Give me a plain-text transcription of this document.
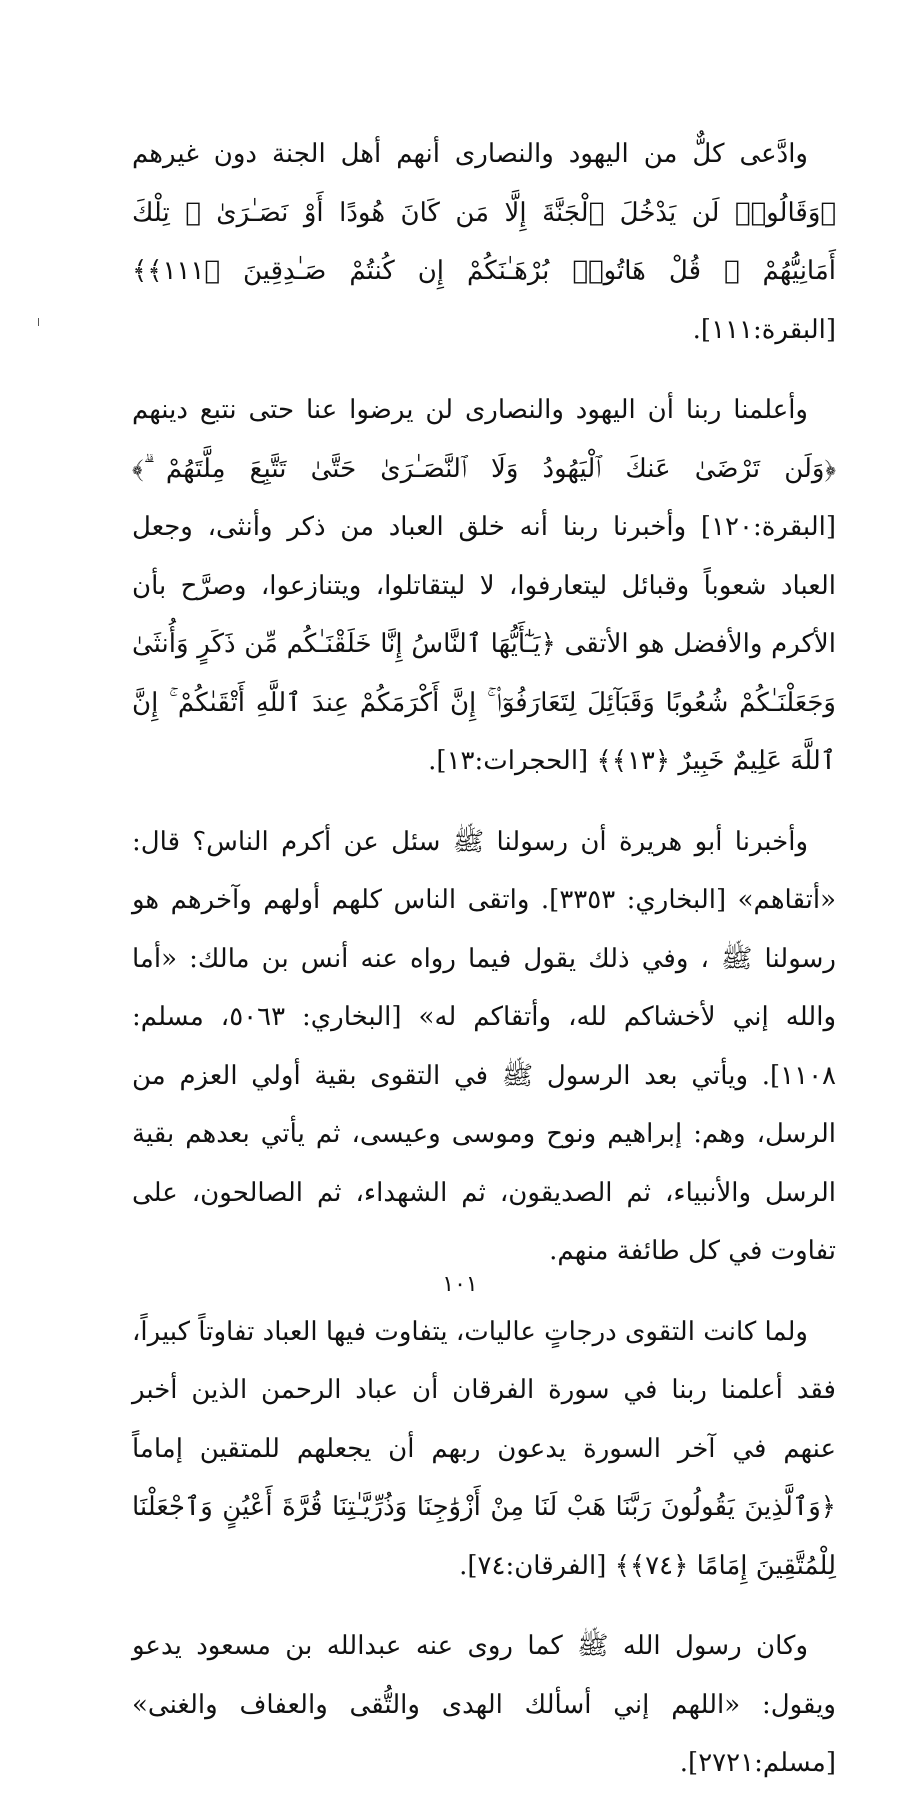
وادَّعى كلٌّ من اليهود والنصارى أنهم أهل الجنة دون غيرهم ﴿وَقَالُوا۟ لَن يَدْخُلَ ٱلْجَنَّةَ إِلَّا مَن كَانَ هُودًا أَوْ نَصَـٰرَىٰ ۗ تِلْكَ أَمَانِيُّهُمْ ۗ قُلْ هَاتُوا۟ بُرْهَـٰنَكُمْ إِن كُنتُمْ صَـٰدِقِينَ ﴿١١١﴾﴾ [البقرة:١١١].

وأعلمنا ربنا أن اليهود والنصارى لن يرضوا عنا حتى نتبع دينهم ﴿وَلَن تَرْضَىٰ عَنكَ ٱلْيَهُودُ وَلَا ٱلنَّصَـٰرَىٰ حَتَّىٰ تَتَّبِعَ مِلَّتَهُمْ ۗ﴾ [البقرة:١٢٠] وأخبرنا ربنا أنه خلق العباد من ذكر وأنثى، وجعل العباد شعوباً وقبائل ليتعارفوا، لا ليتقاتلوا، ويتنازعوا، وصرَّح بأن الأكرم والأفضل هو الأتقى ﴿يَـٰٓأَيُّهَا ٱلنَّاسُ إِنَّا خَلَقْنَـٰكُم مِّن ذَكَرٍ وَأُنثَىٰ وَجَعَلْنَـٰكُمْ شُعُوبًا وَقَبَآئِلَ لِتَعَارَفُوٓا۟ ۚ إِنَّ أَكْرَمَكُمْ عِندَ ٱللَّهِ أَتْقَىٰكُمْ ۚ إِنَّ ٱللَّهَ عَلِيمٌ خَبِيرٌ ﴿١٣﴾﴾ [الحجرات:١٣].

وأخبرنا أبو هريرة أن رسولنا ﷺ سئل عن أكرم الناس؟ قال: «أتقاهم» [البخاري: ٣٣٥٣]. واتقى الناس كلهم أولهم وآخرهم هو رسولنا ﷺ ، وفي ذلك يقول فيما رواه عنه أنس بن مالك: «أما والله إني لأخشاكم لله، وأتقاكم له» [البخاري: ٥٠٦٣، مسلم: ١١٠٨]. ويأتي بعد الرسول ﷺ في التقوى بقية أولي العزم من الرسل، وهم: إبراهيم ونوح وموسى وعيسى، ثم يأتي بعدهم بقية الرسل والأنبياء، ثم الصديقون، ثم الشهداء، ثم الصالحون، على تفاوت في كل طائفة منهم.

ولما كانت التقوى درجاتٍ عاليات، يتفاوت فيها العباد تفاوتاً كبيراً، فقد أعلمنا ربنا في سورة الفرقان أن عباد الرحمن الذين أخبر عنهم في آخر السورة يدعون ربهم أن يجعلهم للمتقين إماماً ﴿وَٱلَّذِينَ يَقُولُونَ رَبَّنَا هَبْ لَنَا مِنْ أَزْوَٰجِنَا وَذُرِّيَّـٰتِنَا قُرَّةَ أَعْيُنٍ وَٱجْعَلْنَا لِلْمُتَّقِينَ إِمَامًا ﴿٧٤﴾﴾ [الفرقان:٧٤].

وكان رسول الله ﷺ كما روى عنه عبدالله بن مسعود يدعو ويقول: «اللهم إني أسألك الهدى والتُّقى والعفاف والغنى» [مسلم:٢٧٢١].

١٠١
